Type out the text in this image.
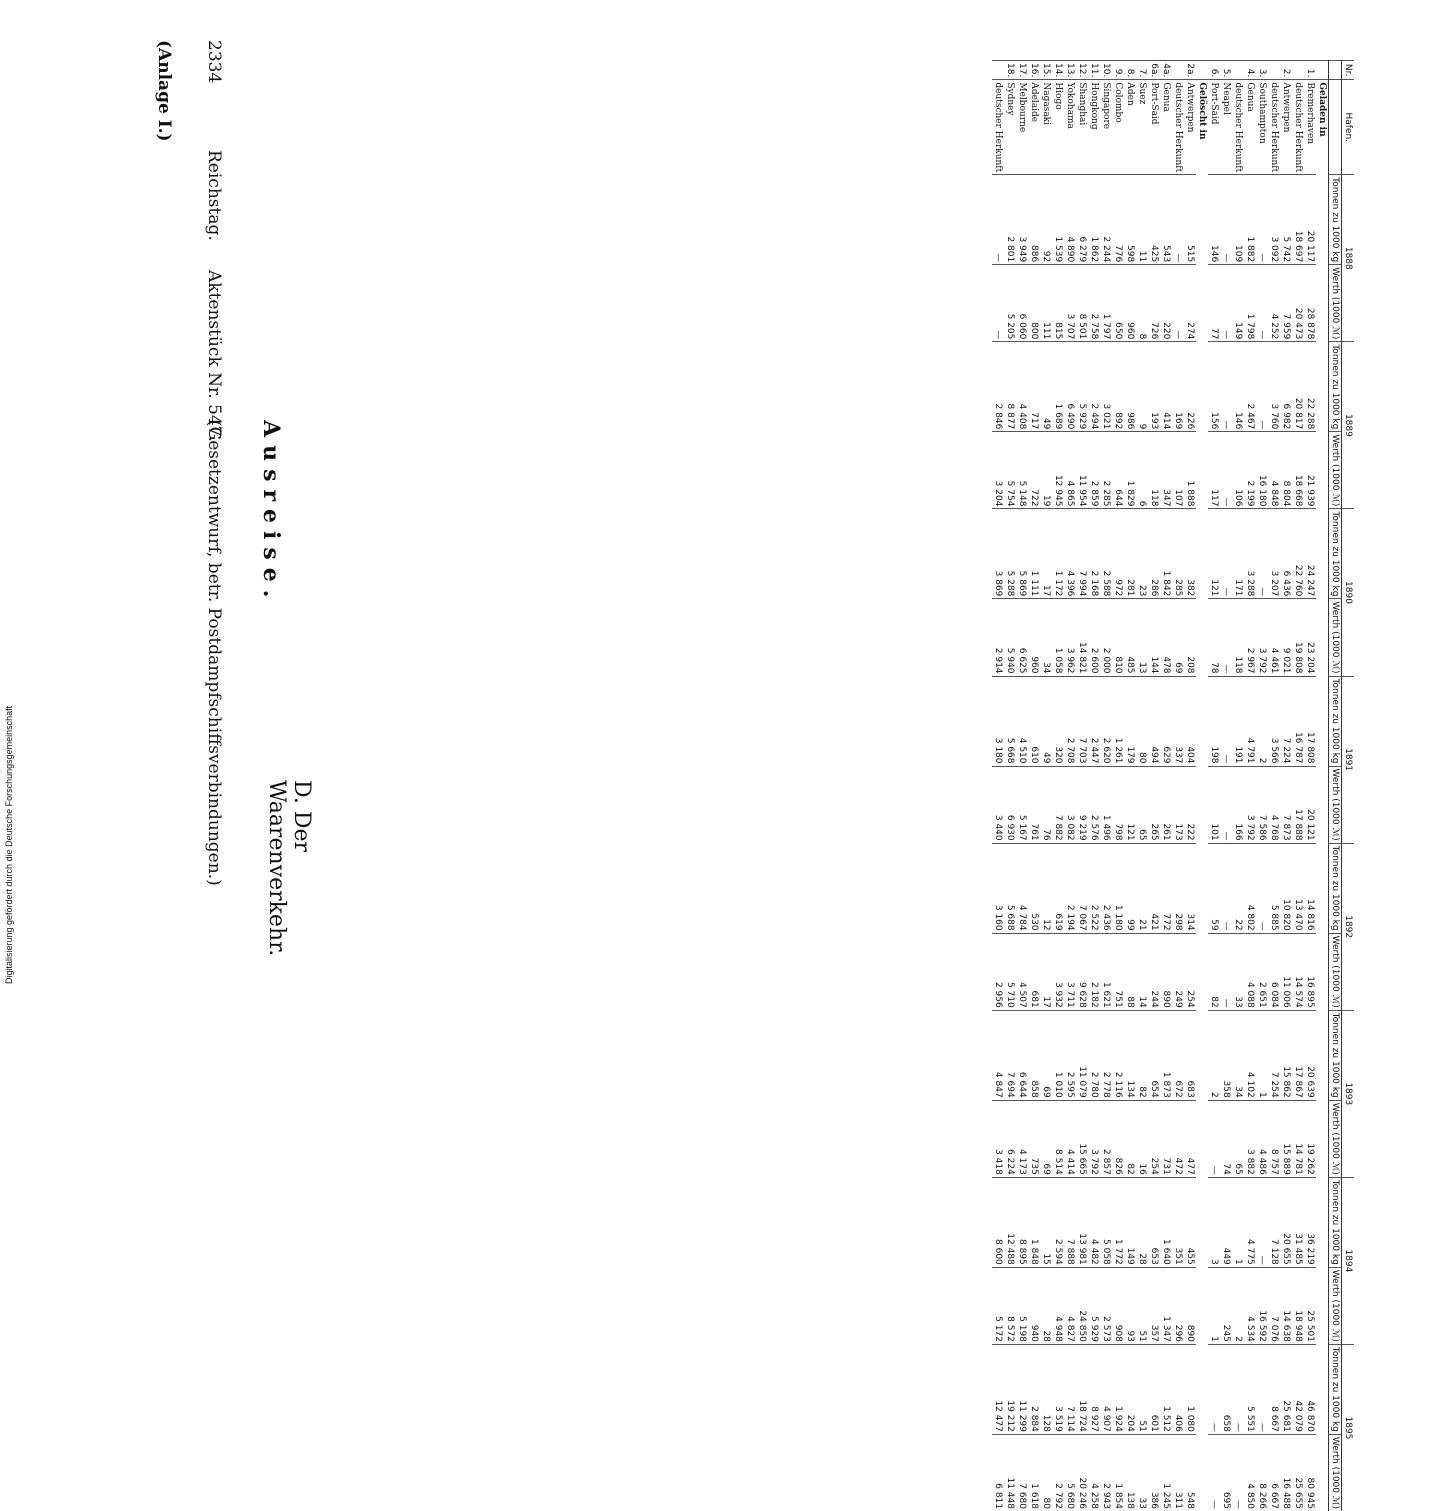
2334
Reichstag.
Aktenstück Nr. 547.
(Gesetzentwurf, betr. Postdampfschiffsverbindungen.)
(Anlage I.)
Ausreise.
D. Der Waarenverkehr.
Nr.	Hafen.	1888		1889		1890		1891		1892		1893		1894		1895	
		Tonnen zu 1000 kg	Werth (1000 ℳ)	Tonnen zu 1000 kg	Werth (1000 ℳ)	Tonnen zu 1000 kg	Werth (1000 ℳ)	Tonnen zu 1000 kg	Werth (1000 ℳ)	Tonnen zu 1000 kg	Werth (1000 ℳ)	Tonnen zu 1000 kg	Werth (1000 ℳ)	Tonnen zu 1000 kg	Werth (1000 ℳ)	Tonnen zu 1000 kg	Werth (1000 ℳ)
	Geladen in																
1.	Bremerhaven	20 117	28 878	22 288	21 939	24 247	23 204	17 808	20 121	14 816	16 895	20 639	19 262	36 219	25 501	46 870	80 945
	deutscher Herkunft	18 697	20 473	20 817	18 668	22 760	19 808	16 787	17 888	13 470	14 574	17 867	14 781	31 485	18 948	42 079	25 655
2.	Antwerpen	5 742	7 959	6 982	8 804	6 436	9 021	7 224	7 873	10 820	11 006	15 862	15 889	20 655	14 638	25 681	16 488
	deutscher Herkunft	3 092	4 252	3 760	4 848	3 207	4 461	3 566	4 768	5 885	6 084	7 254	8 757	7 128	7 076	8 667	6 667
3.	Southampton	—	—	—	16 180	—	3 792	2	7 586	—	2 651	1	4 486	—	16 592	—	8 266
4.	Genua	1 882	1 798	2 467	2 199	3 288	2 967	4 791	3 792	4 802	4 088	4 102	3 882	4 775	4 534	5 551	4 850
	deutscher Herkunft	109	149	146	106	171	118	191	166	22	33	34	65	1	2	—	—
5.	Neapel	—	—	—	—	—	—	—	—	—	—	358	74	449	245	658	695
6.	Port-Said	146	77	156	117	121	78	198	101	59	82	2	—	3	1	—	—
	Gelöscht in																
2a.	Antwerpen	515	274	226	1 888	382	208	404	222	314	254	683	477	455	890	1 080	548
	deutscher Herkunft	—	—	169	107	285	69	337	173	298	249	672	472	351	296	406	311
4a.	Genua	543	220	414	347	1 842	478	629	261	772	890	1 873	731	1 640	1 347	1 512	1 245
6a.	Port-Said	425	726	193	118	286	144	494	265	421	244	654	254	653	357	601	386
7.	Suez	11	8	9	6	23	13	80	65	21	14	82	16	28	51	51	33
8.	Aden	598	960	986	1 829	281	485	179	121	99	88	134	82	149	93	204	138
9.	Colombo	776	650	892	644	972	810	1 261	798	1 180	751	2 116	826	1 772	908	1 924	1 854
10.	Singapore	2 244	1 797	3 021	2 285	2 588	2 000	2 620	1 496	2 436	1 621	2 778	2 857	5 058	2 573	4 907	2 943
11.	Hongkong	1 862	2 758	2 494	2 859	2 168	2 600	2 447	2 576	2 522	2 182	2 780	3 792	4 482	5 929	8 927	4 258
12.	Shanghai	6 279	8 501	5 929	11 954	7 994	14 821	7 703	9 219	7 067	9 628	11 079	15 665	13 981	24 850	18 724	20 246
13.	Yokohama	4 890	3 707	6 490	4 865	4 396	3 962	2 708	3 082	2 194	3 711	2 595	4 414	7 888	4 827	7 114	5 680
14.	Hiogo	1 539	815	1 689	12 945	1 172	1 058	320	7 882	619	3 932	1 010	8 514	2 594	4 948	3 519	2 792
15.	Nagasaki	92	111	49	19	17	34	49	76	12	17	69	69	15	28	128	80
16.	Adelaide	886	800	717	722	1 111	960	610	761	530	681	858	735	1 848	940	2 884	1 618
17.	Melbourne	3 949	6 060	4 408	5 148	5 869	6 625	4 510	5 167	4 784	4 507	6 644	4 173	8 895	5 198	11 299	7 680
18.	Sydney	2 801	5 205	8 877	5 754	5 288	5 940	5 668	6 930	5 688	5 710	7 694	6 224	12 488	8 572	19 212	11 448
	deutscher Herkunft	—	—	2 846	3 204	3 869	2 914	3 180	3 440	3 160	2 956	4 847	3 418	8 600	5 172	12 477	6 811
Digitalisierung gefördert durch die Deutsche Forschungsgemeinschaft
